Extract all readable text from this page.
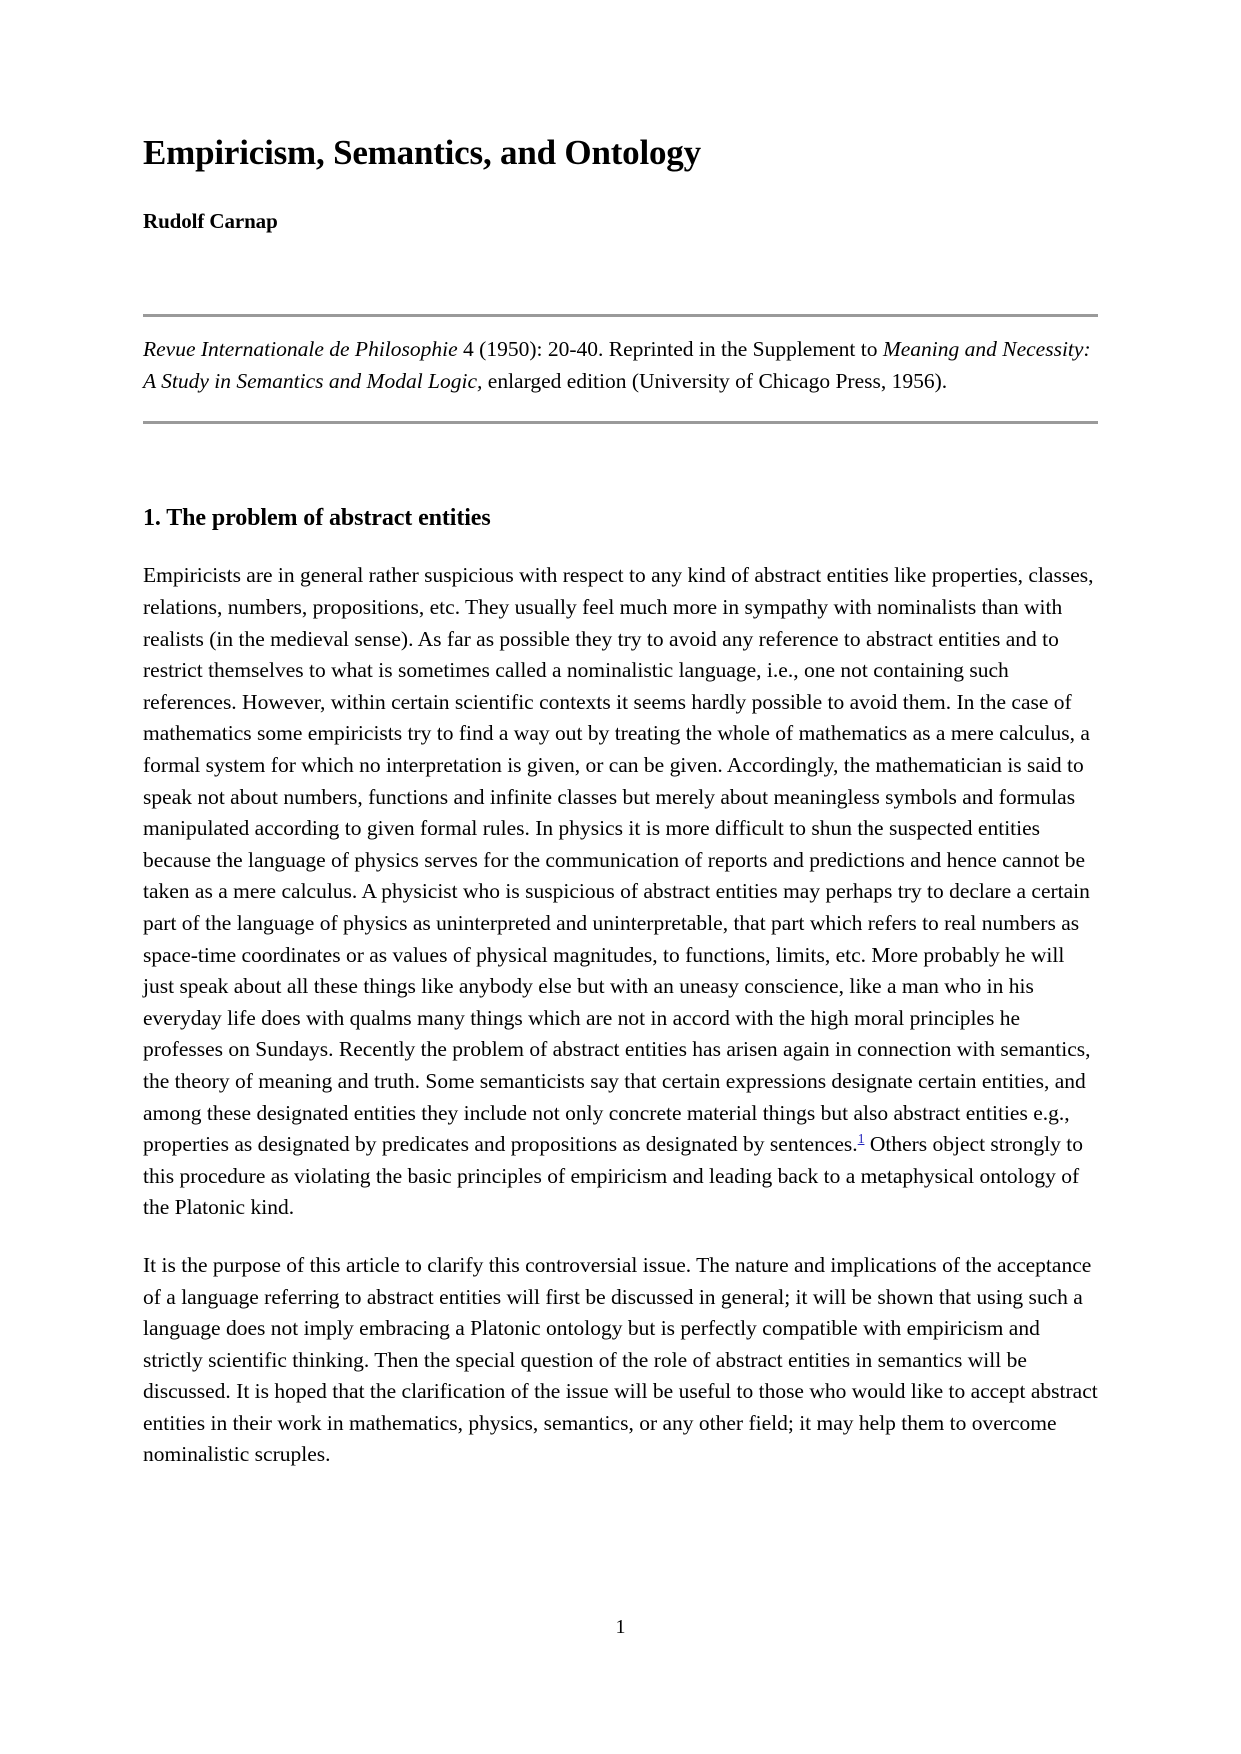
Empiricism, Semantics, and Ontology
Rudolf Carnap

Revue Internationale de Philosophie 4 (1950): 20-40. Reprinted in the Supplement to Meaning and Necessity: A Study in Semantics and Modal Logic, enlarged edition (University of Chicago Press, 1956).

1. The problem of abstract entities

Empiricists are in general rather suspicious with respect to any kind of abstract entities like properties, classes, relations, numbers, propositions, etc. They usually feel much more in sympathy with nominalists than with realists (in the medieval sense). As far as possible they try to avoid any reference to abstract entities and to restrict themselves to what is sometimes called a nominalistic language, i.e., one not containing such references. However, within certain scientific contexts it seems hardly possible to avoid them. In the case of mathematics some empiricists try to find a way out by treating the whole of mathematics as a mere calculus, a formal system for which no interpretation is given, or can be given. Accordingly, the mathematician is said to speak not about numbers, functions and infinite classes but merely about meaningless symbols and formulas manipulated according to given formal rules. In physics it is more difficult to shun the suspected entities because the language of physics serves for the communication of reports and predictions and hence cannot be taken as a mere calculus. A physicist who is suspicious of abstract entities may perhaps try to declare a certain part of the language of physics as uninterpreted and uninterpretable, that part which refers to real numbers as space-time coordinates or as values of physical magnitudes, to functions, limits, etc. More probably he will just speak about all these things like anybody else but with an uneasy conscience, like a man who in his everyday life does with qualms many things which are not in accord with the high moral principles he professes on Sundays. Recently the problem of abstract entities has arisen again in connection with semantics, the theory of meaning and truth. Some semanticists say that certain expressions designate certain entities, and among these designated entities they include not only concrete material things but also abstract entities e.g., properties as designated by predicates and propositions as designated by sentences.$^1$ Others object strongly to this procedure as violating the basic principles of empiricism and leading back to a metaphysical ontology of the Platonic kind.

It is the purpose of this article to clarify this controversial issue. The nature and implications of the acceptance of a language referring to abstract entities will first be discussed in general; it will be shown that using such a language does not imply embracing a Platonic ontology but is perfectly compatible with empiricism and strictly scientific thinking. Then the special question of the role of abstract entities in semantics will be discussed. It is hoped that the clarification of the issue will be useful to those who would like to accept abstract entities in their work in mathematics, physics, semantics, or any other field; it may help them to overcome nominalistic scruples.

1
